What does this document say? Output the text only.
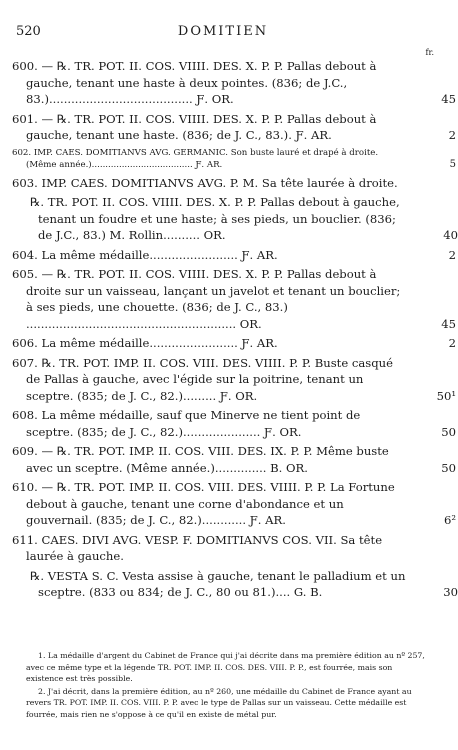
520	DOMITIEN
fr.
600. — ℞. TR. POT. II. COS. VIIII. DES. X. P. P. Pallas debout à gauche, tenant une haste à deux pointes. (836; de J.C., 83.)....................................... Ƒ. OR.	45
601. — ℞. TR. POT. II. COS. VIIII. DES. X. P. P. Pallas debout à gauche, tenant une haste. (836; de J. C., 83.). Ƒ. AR.	2
602. IMP. CAES. DOMITIANVS AVG. GERMANIC. Son buste lauré et drapé à droite. (Même année.)..................................... Ƒ. AR.	5
603. IMP. CAES. DOMITIANVS AVG. P. M. Sa tête laurée à droite.
℞. TR. POT. II. COS. VIIII. DES. X. P. P. Pallas debout à gauche, tenant un foudre et une haste; à ses pieds, un bouclier. (836; de J.C., 83.) M. Rollin.......... OR.	40
604. La même médaille........................ Ƒ. AR.	2
605. — ℞. TR. POT. II. COS. VIIII. DES. X. P. P. Pallas debout à droite sur un vaisseau, lançant un javelot et tenant un bouclier; à ses pieds, une chouette. (836; de J. C., 83.) ......................................................... OR.	45
606. La même médaille........................ Ƒ. AR.	2
607. ℞. TR. POT. IMP. II. COS. VIII. DES. VIIII. P. P. Buste casqué de Pallas à gauche, avec l'égide sur la poitrine, tenant un sceptre. (835; de J. C., 82.)......... Ƒ. OR.	50¹
608. La même médaille, sauf que Minerve ne tient point de sceptre. (835; de J. C., 82.)..................... Ƒ. OR.	50
609. — ℞. TR. POT. IMP. II. COS. VIII. DES. IX. P. P. Même buste avec un sceptre. (Même année.).............. B. OR.	50
610. — ℞. TR. POT. IMP. II. COS. VIII. DES. VIIII. P. P. La Fortune debout à gauche, tenant une corne d'abondance et un gouvernail. (835; de J. C., 82.)............ Ƒ. AR.	6²
611. CAES. DIVI AVG. VESP. F. DOMITIANVS COS. VII. Sa tête laurée à gauche.
℞. VESTA S. C. Vesta assise à gauche, tenant le palladium et un sceptre. (833 ou 834; de J. C., 80 ou 81.).... G. B.	30
1. La médaille d'argent du Cabinet de France qui j'ai décrite dans ma première édition au nº 257, avec ce même type et la légende TR. POT. IMP. II. COS. DES. VIII. P. P., est fourrée, mais son existence est très possible.
2. J'ai décrit, dans la première édition, au nº 260, une médaille du Cabinet de France ayant au revers TR. POT. IMP. II. COS. VIII. P. P. avec le type de Pallas sur un vaisseau. Cette médaille est fourrée, mais rien ne s'oppose à ce qu'il en existe de métal pur.
